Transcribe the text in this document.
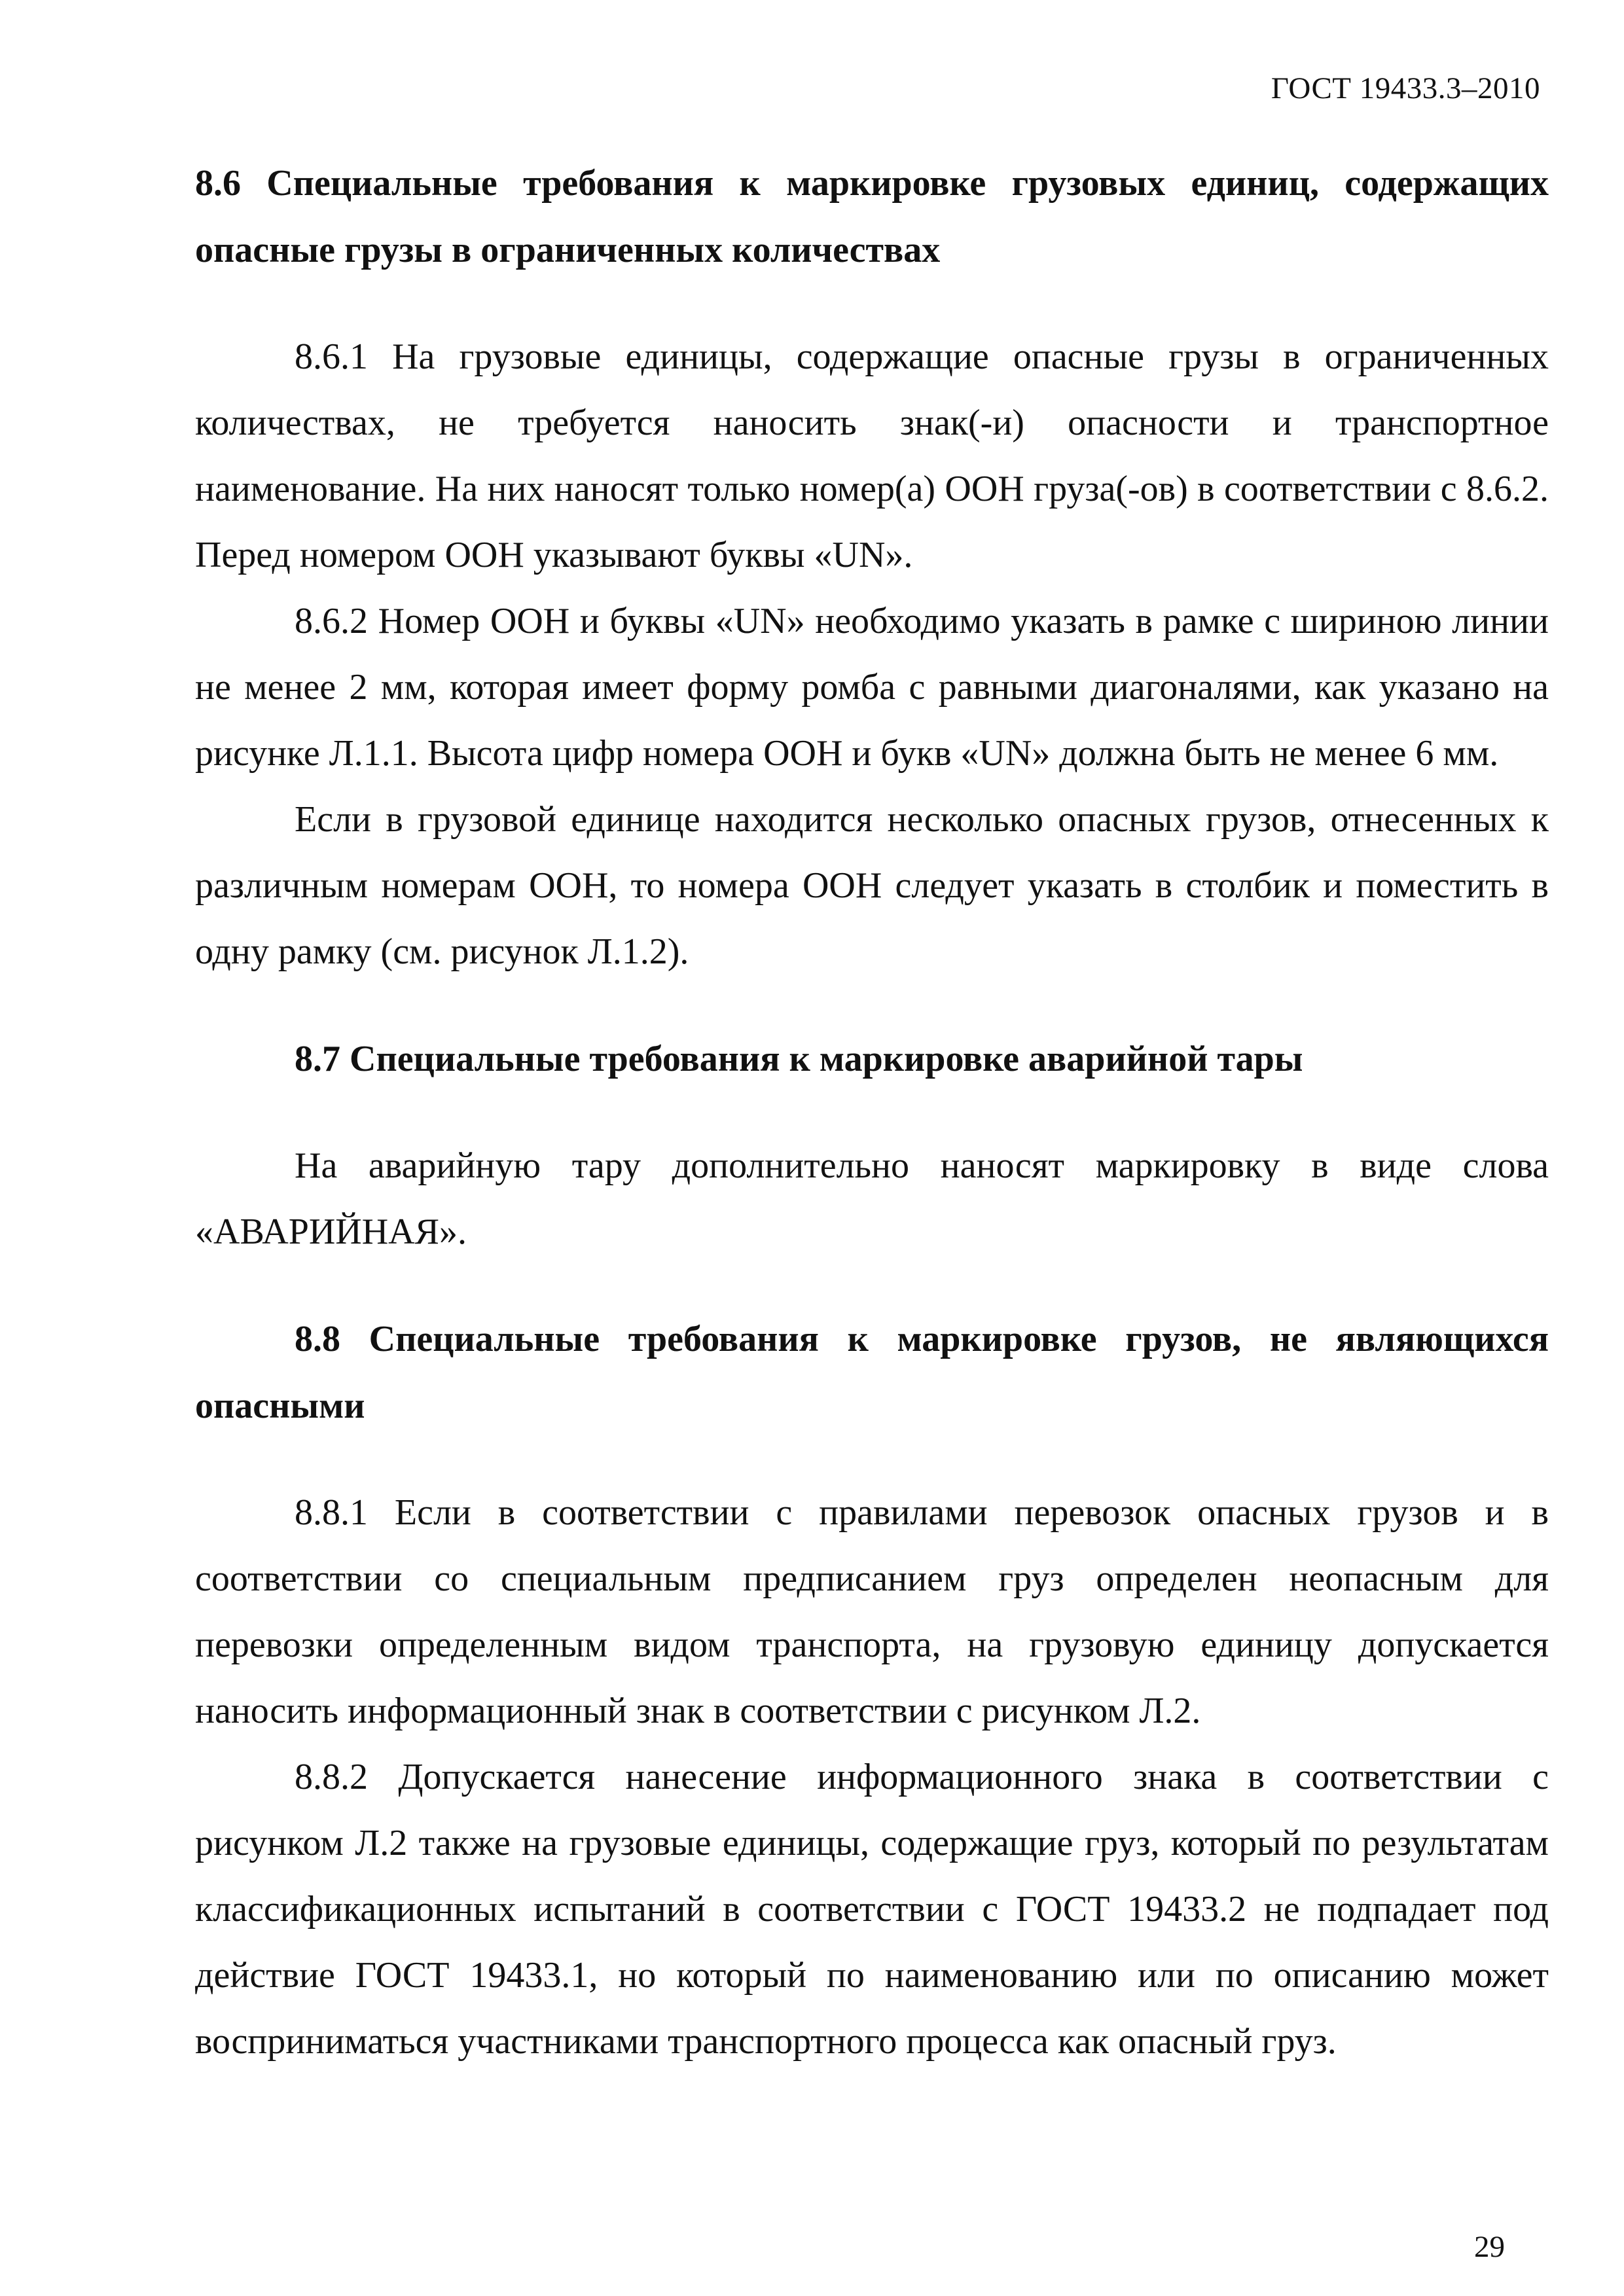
ГОСТ 19433.3–2010
8.6 Специальные требования к маркировке грузовых единиц, содержащих опасные грузы в ограниченных количествах

8.6.1 На грузовые единицы, содержащие опасные грузы в ограниченных количествах, не требуется наносить знак(-и) опасности и транспортное наименование. На них наносят только номер(а) ООН груза(-ов) в соответствии с 8.6.2. Перед номером ООН указывают буквы «UN».

8.6.2 Номер ООН и буквы «UN» необходимо указать в рамке с шириною линии не менее 2 мм, которая имеет форму ромба с равными диагоналями, как указано на рисунке Л.1.1. Высота цифр номера ООН и букв «UN» должна быть не менее 6 мм.

Если в грузовой единице находится несколько опасных грузов, отнесенных к различным номерам ООН, то номера ООН следует указать в столбик и поместить в одну рамку (см. рисунок Л.1.2).

8.7 Специальные требования к маркировке аварийной тары

На аварийную тару дополнительно наносят маркировку в виде слова «АВАРИЙНАЯ».

8.8 Специальные требования к маркировке грузов, не являющихся опасными

8.8.1 Если в соответствии с правилами перевозок опасных грузов и в соответствии со специальным предписанием груз определен неопасным для перевозки определенным видом транспорта, на грузовую единицу допускается наносить информационный знак в соответствии с рисунком Л.2.

8.8.2 Допускается нанесение информационного знака в соответствии с рисунком Л.2 также на грузовые единицы, содержащие груз, который по результатам классификационных испытаний в соответствии с ГОСТ 19433.2 не подпадает под действие ГОСТ 19433.1, но который по наименованию или по описанию может восприниматься участниками транспортного процесса как опасный груз.

29
